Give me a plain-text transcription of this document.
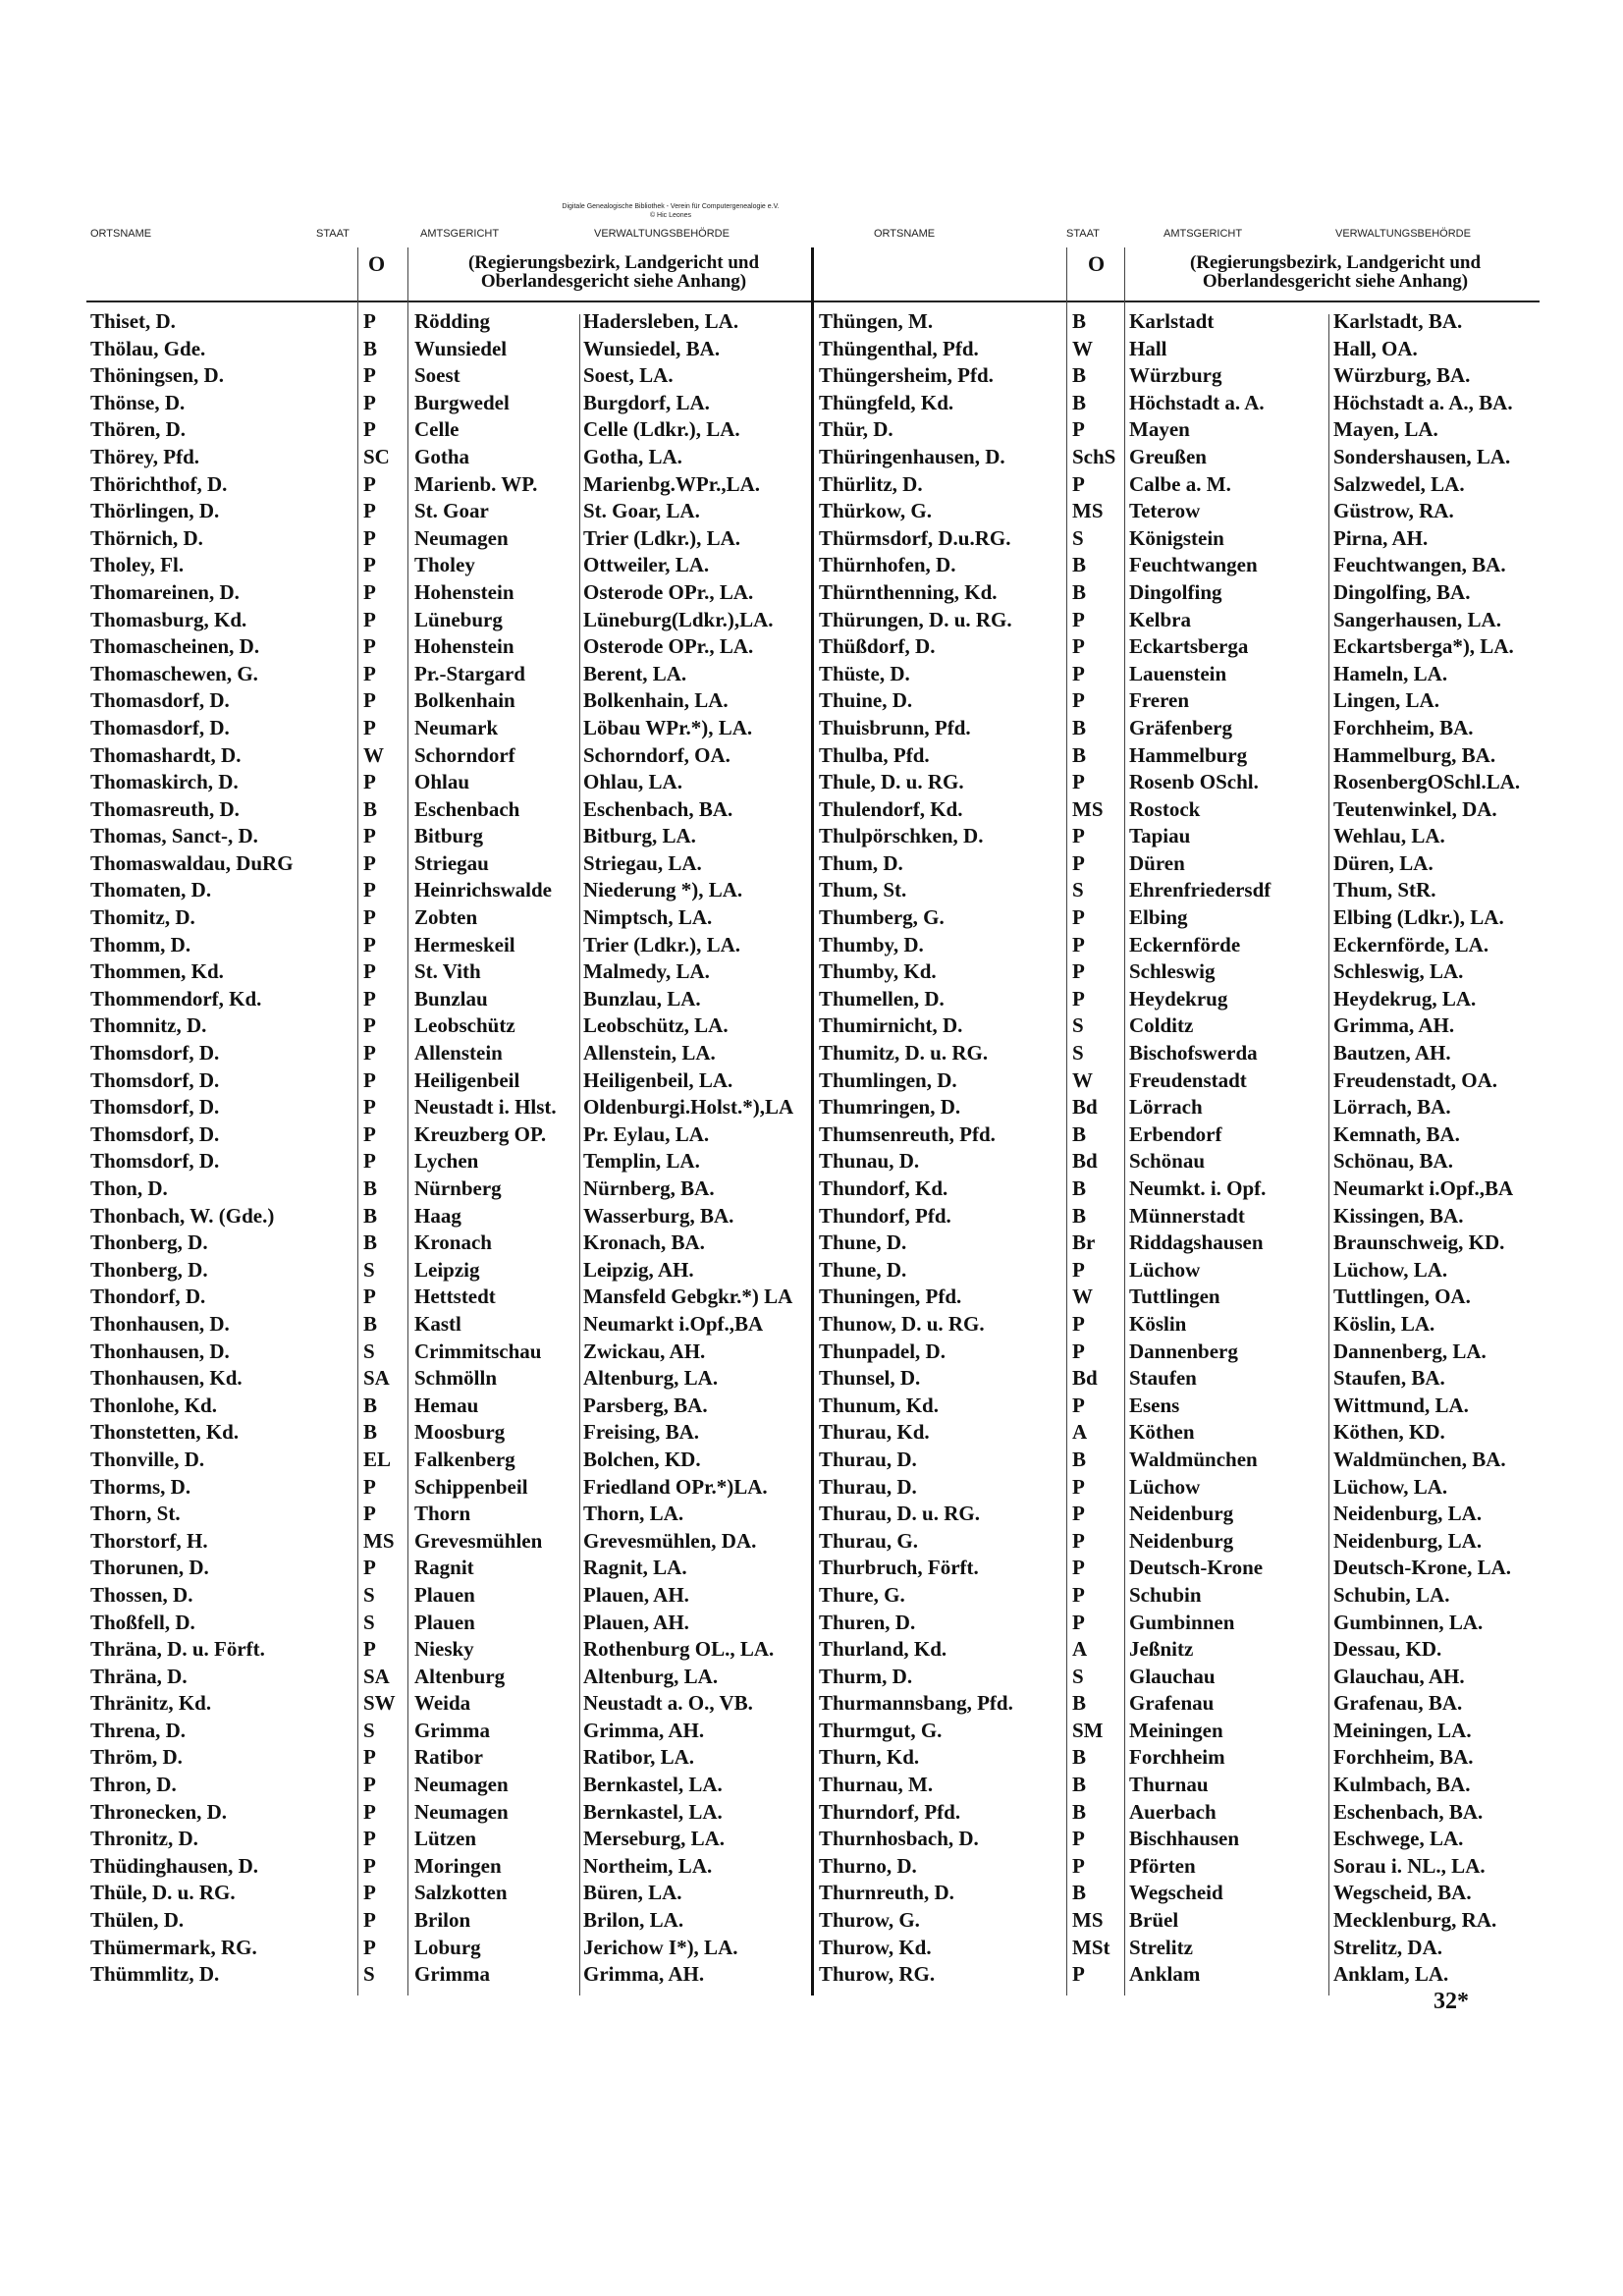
Digitale Genealogische Bibliothek - Verein für Computergenealogie e.V.
© Hic Leones
ORTSNAME	STAAT	AMTSGERICHT	VERWALTUNGSBEHÖRDE	ORTSNAME	STAAT	AMTSGERICHT	VERWALTUNGSBEHÖRDE
O	(Regierungsbezirk, Landgericht und
Oberlandesgericht siehe Anhang)
O	(Regierungsbezirk, Landgericht und
Oberlandesgericht siehe Anhang)
Thiset, D.	P	Rödding	Hadersleben, LA.
Thölau, Gde.	B	Wunsiedel	Wunsiedel, BA.
Thöningsen, D.	P	Soest	Soest, LA.
Thönse, D.	P	Burgwedel	Burgdorf, LA.
Thören, D.	P	Celle	Celle (Ldkr.), LA.
Thörey, Pfd.	SC	Gotha	Gotha, LA.
Thörichthof, D.	P	Marienb. WP.	Marienbg.WPr.,LA.
Thörlingen, D.	P	St. Goar	St. Goar, LA.
Thörnich, D.	P	Neumagen	Trier (Ldkr.), LA.
Tholey, Fl.	P	Tholey	Ottweiler, LA.
Thomareinen, D.	P	Hohenstein	Osterode OPr., LA.
Thomasburg, Kd.	P	Lüneburg	Lüneburg(Ldkr.),LA.
Thomascheinen, D.	P	Hohenstein	Osterode OPr., LA.
Thomaschewen, G.	P	Pr.-Stargard	Berent, LA.
Thomasdorf, D.	P	Bolkenhain	Bolkenhain, LA.
Thomasdorf, D.	P	Neumark	Löbau WPr.*), LA.
Thomashardt, D.	W	Schorndorf	Schorndorf, OA.
Thomaskirch, D.	P	Ohlau	Ohlau, LA.
Thomasreuth, D.	B	Eschenbach	Eschenbach, BA.
Thomas, Sanct-, D.	P	Bitburg	Bitburg, LA.
Thomaswaldau, DuRG	P	Striegau	Striegau, LA.
Thomaten, D.	P	Heinrichswalde	Niederung *), LA.
Thomitz, D.	P	Zobten	Nimptsch, LA.
Thomm, D.	P	Hermeskeil	Trier (Ldkr.), LA.
Thommen, Kd.	P	St. Vith	Malmedy, LA.
Thommendorf, Kd.	P	Bunzlau	Bunzlau, LA.
Thomnitz, D.	P	Leobschütz	Leobschütz, LA.
Thomsdorf, D.	P	Allenstein	Allenstein, LA.
Thomsdorf, D.	P	Heiligenbeil	Heiligenbeil, LA.
Thomsdorf, D.	P	Neustadt i. Hlst.	Oldenburgi.Holst.*),LA
Thomsdorf, D.	P	Kreuzberg OP.	Pr. Eylau, LA.
Thomsdorf, D.	P	Lychen	Templin, LA.
Thon, D.	B	Nürnberg	Nürnberg, BA.
Thonbach, W. (Gde.)	B	Haag	Wasserburg, BA.
Thonberg, D.	B	Kronach	Kronach, BA.
Thonberg, D.	S	Leipzig	Leipzig, AH.
Thondorf, D.	P	Hettstedt	Mansfeld Gebgkr.*) LA
Thonhausen, D.	B	Kastl	Neumarkt i.Opf.,BA
Thonhausen, D.	S	Crimmitschau	Zwickau, AH.
Thonhausen, Kd.	SA	Schmölln	Altenburg, LA.
Thonlohe, Kd.	B	Hemau	Parsberg, BA.
Thonstetten, Kd.	B	Moosburg	Freising, BA.
Thonville, D.	EL	Falkenberg	Bolchen, KD.
Thorms, D.	P	Schippenbeil	Friedland OPr.*)LA.
Thorn, St.	P	Thorn	Thorn, LA.
Thorstorf, H.	MS Grevesmühlen	Grevesmühlen, DA.
Thorunen, D.	P	Ragnit	Ragnit, LA.
Thossen, D.	S	Plauen	Plauen, AH.
Thoßfell, D.	S	Plauen	Plauen, AH.
Thräna, D. u. Förft.	P	Niesky	Rothenburg OL., LA.
Thräna, D.	SA	Altenburg	Altenburg, LA.
Thränitz, Kd.	SW Weida	Neustadt a. O., VB.
Threna, D.	S	Grimma	Grimma, AH.
Thröm, D.	P	Ratibor	Ratibor, LA.
Thron, D.	P	Neumagen	Bernkastel, LA.
Thronecken, D.	P	Neumagen	Bernkastel, LA.
Thronitz, D.	P	Lützen	Merseburg, LA.
Thüdinghausen, D.	P	Moringen	Northeim, LA.
Thüle, D. u. RG.	P	Salzkotten	Büren, LA.
Thülen, D.	P	Brilon	Brilon, LA.
Thümermark, RG.	P	Loburg	Jerichow I*), LA.
Thümmlitz, D.	S	Grimma	Grimma, AH.
Thüngen, M.	B	Karlstadt	Karlstadt, BA.
Thüngenthal, Pfd.	W	Hall	Hall, OA.
Thüngersheim, Pfd.	B	Würzburg	Würzburg, BA.
Thüngfeld, Kd.	B	Höchstadt a. A.	Höchstadt a. A., BA.
Thür, D.	P	Mayen	Mayen, LA.
Thüringenhausen, D.	SchS Greußen	Sondershausen, LA.
Thürlitz, D.	P	Calbe a. M.	Salzwedel, LA.
Thürkow, G.	MS	Teterow	Güstrow, RA.
Thürmsdorf, D.u.RG.	S	Königstein	Pirna, AH.
Thürnhofen, D.	B	Feuchtwangen	Feuchtwangen, BA.
Thürnthenning, Kd.	B	Dingolfing	Dingolfing, BA.
Thürungen, D. u. RG.	P	Kelbra	Sangerhausen, LA.
Thüßdorf, D.	P	Eckartsberga	Eckartsberga*), LA.
Thüste, D.	P	Lauenstein	Hameln, LA.
Thuine, D.	P	Freren	Lingen, LA.
Thuisbrunn, Pfd.	B	Gräfenberg	Forchheim, BA.
Thulba, Pfd.	B	Hammelburg	Hammelburg, BA.
Thule, D. u. RG.	P	Rosenb OSchl.	RosenbergOSchl.LA.
Thulendorf, Kd.	MS	Rostock	Teutenwinkel, DA.
Thulpörschken, D.	P	Tapiau	Wehlau, LA.
Thum, D.	P	Düren	Düren, LA.
Thum, St.	S	Ehrenfriedersdf	Thum, StR.
Thumberg, G.	P	Elbing	Elbing (Ldkr.), LA.
Thumby, D.	P	Eckernförde	Eckernförde, LA.
Thumby, Kd.	P	Schleswig	Schleswig, LA.
Thumellen, D.	P	Heydekrug	Heydekrug, LA.
Thumirnicht, D.	S	Colditz	Grimma, AH.
Thumitz, D. u. RG.	S	Bischofswerda	Bautzen, AH.
Thumlingen, D.	W	Freudenstadt	Freudenstadt, OA.
Thumringen, D.	Bd	Lörrach	Lörrach, BA.
Thumsenreuth, Pfd.	B	Erbendorf	Kemnath, BA.
Thunau, D.	Bd	Schönau	Schönau, BA.
Thundorf, Kd.	B	Neumkt. i. Opf.	Neumarkt i.Opf.,BA
Thundorf, Pfd.	B	Münnerstadt	Kissingen, BA.
Thune, D.	Br	Riddagshausen	Braunschweig, KD.
Thune, D.	P	Lüchow	Lüchow, LA.
Thuningen, Pfd.	W	Tuttlingen	Tuttlingen, OA.
Thunow, D. u. RG.	P	Köslin	Köslin, LA.
Thunpadel, D.	P	Dannenberg	Dannenberg, LA.
Thunsel, D.	Bd	Staufen	Staufen, BA.
Thunum, Kd.	P	Esens	Wittmund, LA.
Thurau, Kd.	A	Köthen	Köthen, KD.
Thurau, D.	B	Waldmünchen	Waldmünchen, BA.
Thurau, D.	P	Lüchow	Lüchow, LA.
Thurau, D. u. RG.	P	Neidenburg	Neidenburg, LA.
Thurau, G.	P	Neidenburg	Neidenburg, LA.
Thurbruch, Förft.	P	Deutsch-Krone	Deutsch-Krone, LA.
Thure, G.	P	Schubin	Schubin, LA.
Thuren, D.	P	Gumbinnen	Gumbinnen, LA.
Thurland, Kd.	A	Jeßnitz	Dessau, KD.
Thurm, D.	S	Glauchau	Glauchau, AH.
Thurmannsbang, Pfd.	B	Grafenau	Grafenau, BA.
Thurmgut, G.	SM	Meiningen	Meiningen, LA.
Thurn, Kd.	B	Forchheim	Forchheim, BA.
Thurnau, M.	B	Thurnau	Kulmbach, BA.
Thurndorf, Pfd.	B	Auerbach	Eschenbach, BA.
Thurnhosbach, D.	P	Bischhausen	Eschwege, LA.
Thurno, D.	P	Pförten	Sorau i. NL., LA.
Thurnreuth, D.	B	Wegscheid	Wegscheid, BA.
Thurow, G.	MS	Brüel	Mecklenburg, RA.
Thurow, Kd.	MSt Strelitz	Strelitz, DA.
Thurow, RG.	P	Anklam	Anklam, LA.
32*
